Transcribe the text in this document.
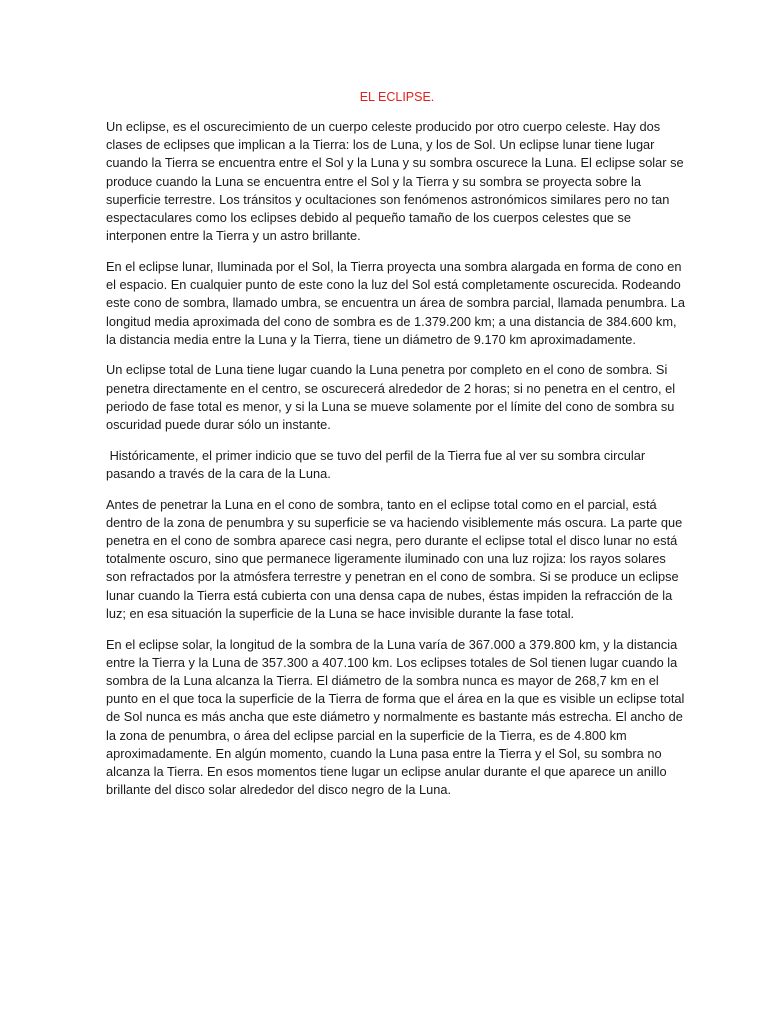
EL ECLIPSE.

Un eclipse, es el oscurecimiento de un cuerpo celeste producido por otro cuerpo celeste. Hay dos clases de eclipses que implican a la Tierra: los de Luna, y los de Sol. Un eclipse lunar tiene lugar cuando la Tierra se encuentra entre el Sol y la Luna y su sombra oscurece la Luna. El eclipse solar se produce cuando la Luna se encuentra entre el Sol y la Tierra y su sombra se proyecta sobre la superficie terrestre. Los tránsitos y ocultaciones son fenómenos astronómicos similares pero no tan espectaculares como los eclipses debido al pequeño tamaño de los cuerpos celestes que se interponen entre la Tierra y un astro brillante.

En el eclipse lunar, Iluminada por el Sol, la Tierra proyecta una sombra alargada en forma de cono en el espacio. En cualquier punto de este cono la luz del Sol está completamente oscurecida. Rodeando este cono de sombra, llamado umbra, se encuentra un área de sombra parcial, llamada penumbra. La longitud media aproximada del cono de sombra es de 1.379.200 km; a una distancia de 384.600 km, la distancia media entre la Luna y la Tierra, tiene un diámetro de 9.170 km aproximadamente.

Un eclipse total de Luna tiene lugar cuando la Luna penetra por completo en el cono de sombra. Si penetra directamente en el centro, se oscurecerá alrededor de 2 horas; si no penetra en el centro, el periodo de fase total es menor, y si la Luna se mueve solamente por el límite del cono de sombra su oscuridad puede durar sólo un instante.

Históricamente, el primer indicio que se tuvo del perfil de la Tierra fue al ver su sombra circular pasando a través de la cara de la Luna.

Antes de penetrar la Luna en el cono de sombra, tanto en el eclipse total como en el parcial, está dentro de la zona de penumbra y su superficie se va haciendo visiblemente más oscura. La parte que penetra en el cono de sombra aparece casi negra, pero durante el eclipse total el disco lunar no está totalmente oscuro, sino que permanece ligeramente iluminado con una luz rojiza: los rayos solares son refractados por la atmósfera terrestre y penetran en el cono de sombra. Si se produce un eclipse lunar cuando la Tierra está cubierta con una densa capa de nubes, éstas impiden la refracción de la luz; en esa situación la superficie de la Luna se hace invisible durante la fase total.

En el eclipse solar, la longitud de la sombra de la Luna varía de 367.000 a 379.800 km, y la distancia entre la Tierra y la Luna de 357.300 a 407.100 km. Los eclipses totales de Sol tienen lugar cuando la sombra de la Luna alcanza la Tierra. El diámetro de la sombra nunca es mayor de 268,7 km en el punto en el que toca la superficie de la Tierra de forma que el área en la que es visible un eclipse total de Sol nunca es más ancha que este diámetro y normalmente es bastante más estrecha. El ancho de la zona de penumbra, o área del eclipse parcial en la superficie de la Tierra, es de 4.800 km aproximadamente. En algún momento, cuando la Luna pasa entre la Tierra y el Sol, su sombra no alcanza la Tierra. En esos momentos tiene lugar un eclipse anular durante el que aparece un anillo brillante del disco solar alrededor del disco negro de la Luna.
